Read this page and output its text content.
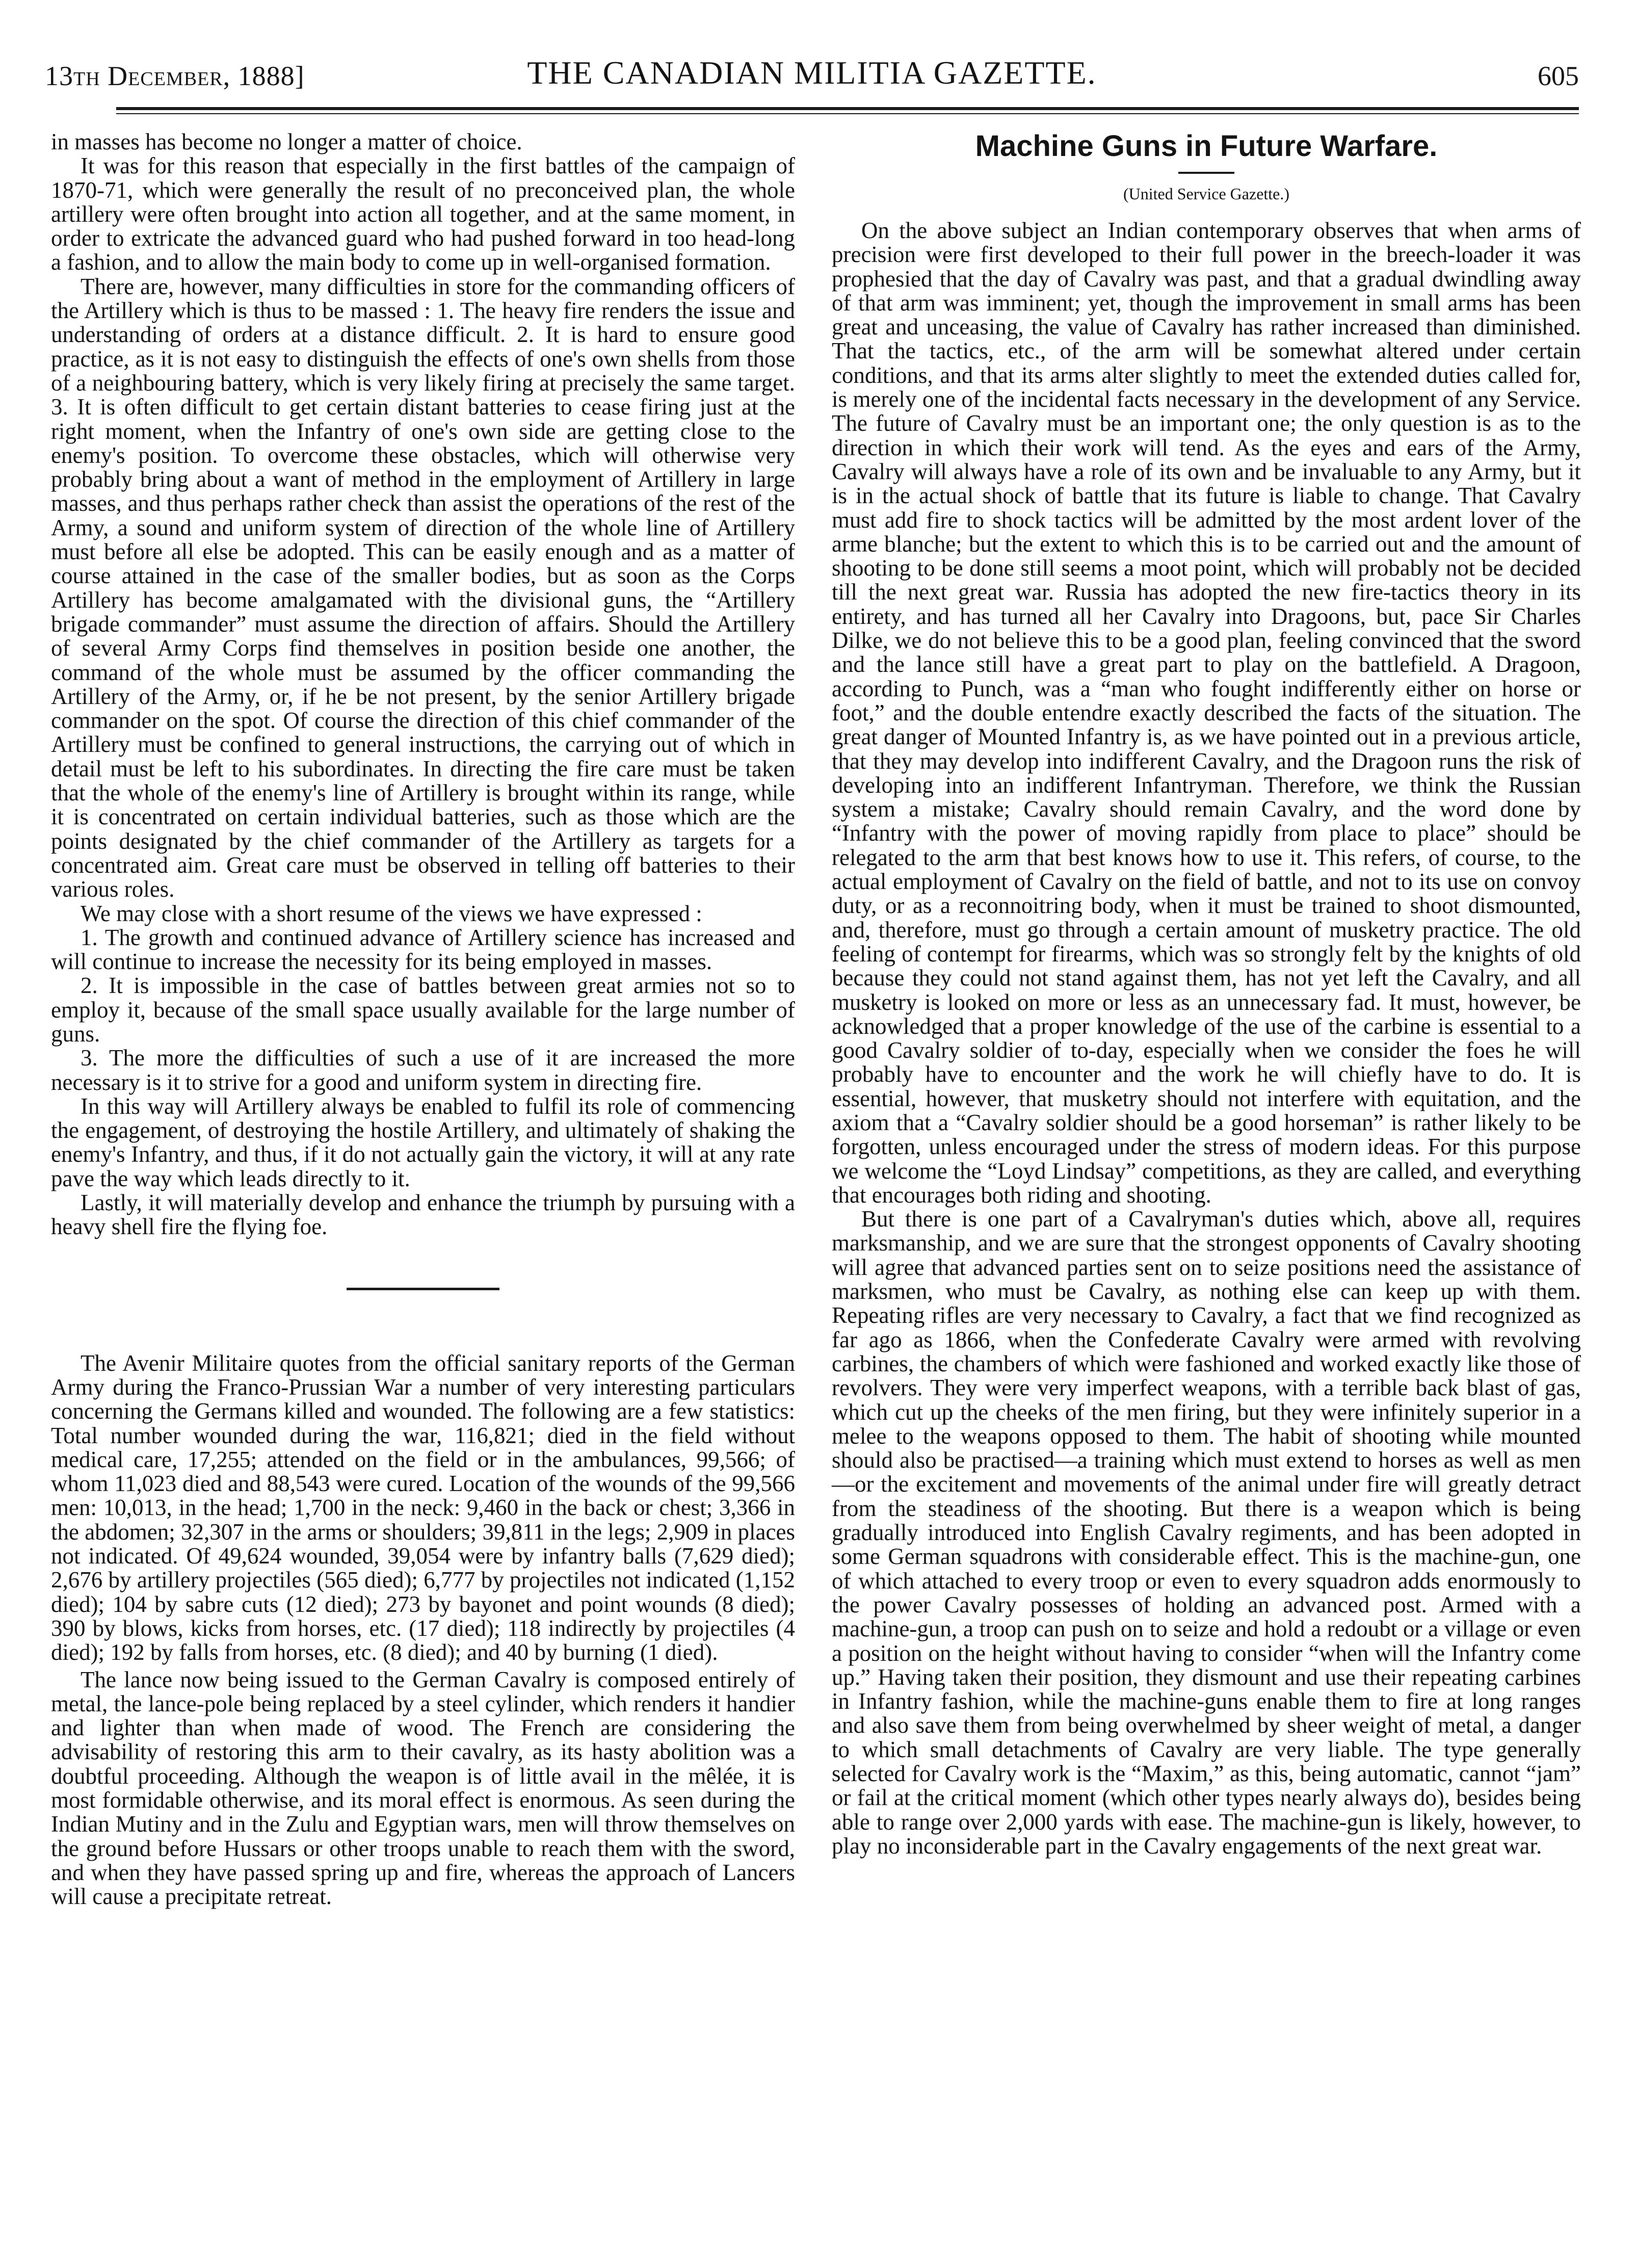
13th December, 1888]	THE CANADIAN MILITIA GAZETTE.	605

in masses has become no longer a matter of choice.

It was for this reason that especially in the first battles of the campaign of 1870-71, which were generally the result of no preconceived plan, the whole artillery were often brought into action all together, and at the same moment, in order to extricate the advanced guard who had pushed forward in too head-long a fashion, and to allow the main body to come up in well-organised formation.

There are, however, many difficulties in store for the commanding officers of the Artillery which is thus to be massed : 1. The heavy fire renders the issue and understanding of orders at a distance difficult. 2. It is hard to ensure good practice, as it is not easy to distinguish the effects of one's own shells from those of a neighbouring battery, which is very likely firing at precisely the same target. 3. It is often difficult to get certain distant batteries to cease firing just at the right moment, when the Infantry of one's own side are getting close to the enemy's position. To overcome these obstacles, which will otherwise very probably bring about a want of method in the employment of Artillery in large masses, and thus perhaps rather check than assist the operations of the rest of the Army, a sound and uniform system of direction of the whole line of Artillery must before all else be adopted. This can be easily enough and as a matter of course attained in the case of the smaller bodies, but as soon as the Corps Artillery has become amalgamated with the divisional guns, the “Artillery brigade commander” must assume the direction of affairs. Should the Artillery of several Army Corps find themselves in position beside one another, the command of the whole must be assumed by the officer commanding the Artillery of the Army, or, if he be not present, by the senior Artillery brigade commander on the spot. Of course the direction of this chief commander of the Artillery must be confined to general instructions, the carrying out of which in detail must be left to his subordinates. In directing the fire care must be taken that the whole of the enemy's line of Artillery is brought within its range, while it is concentrated on certain individual batteries, such as those which are the points designated by the chief commander of the Artillery as targets for a concentrated aim. Great care must be observed in telling off batteries to their various roles.

We may close with a short resume of the views we have expressed :

1. The growth and continued advance of Artillery science has increased and will continue to increase the necessity for its being employed in masses.

2. It is impossible in the case of battles between great armies not so to employ it, because of the small space usually available for the large number of guns.

3. The more the difficulties of such a use of it are increased the more necessary is it to strive for a good and uniform system in directing fire.

In this way will Artillery always be enabled to fulfil its role of commencing the engagement, of destroying the hostile Artillery, and ultimately of shaking the enemy's Infantry, and thus, if it do not actually gain the victory, it will at any rate pave the way which leads directly to it.

Lastly, it will materially develop and enhance the triumph by pursuing with a heavy shell fire the flying foe.

The Avenir Militaire quotes from the official sanitary reports of the German Army during the Franco-Prussian War a number of very interesting particulars concerning the Germans killed and wounded. The following are a few statistics: Total number wounded during the war, 116,821; died in the field without medical care, 17,255; attended on the field or in the ambulances, 99,566; of whom 11,023 died and 88,543 were cured. Location of the wounds of the 99,566 men: 10,013, in the head; 1,700 in the neck: 9,460 in the back or chest; 3,366 in the abdomen; 32,307 in the arms or shoulders; 39,811 in the legs; 2,909 in places not indicated. Of 49,624 wounded, 39,054 were by infantry balls (7,629 died); 2,676 by artillery projectiles (565 died); 6,777 by projectiles not indicated (1,152 died); 104 by sabre cuts (12 died); 273 by bayonet and point wounds (8 died); 390 by blows, kicks from horses, etc. (17 died); 118 indirectly by projectiles (4 died); 192 by falls from horses, etc. (8 died); and 40 by burning (1 died).

The lance now being issued to the German Cavalry is composed entirely of metal, the lance-pole being replaced by a steel cylinder, which renders it handier and lighter than when made of wood. The French are considering the advisability of restoring this arm to their cavalry, as its hasty abolition was a doubtful proceeding. Although the weapon is of little avail in the mêlée, it is most formidable otherwise, and its moral effect is enormous. As seen during the Indian Mutiny and in the Zulu and Egyptian wars, men will throw themselves on the ground before Hussars or other troops unable to reach them with the sword, and when they have passed spring up and fire, whereas the approach of Lancers will cause a precipitate retreat.

Machine Guns in Future Warfare.
(United Service Gazette.)

On the above subject an Indian contemporary observes that when arms of precision were first developed to their full power in the breech-loader it was prophesied that the day of Cavalry was past, and that a gradual dwindling away of that arm was imminent; yet, though the improvement in small arms has been great and unceasing, the value of Cavalry has rather increased than diminished. That the tactics, etc., of the arm will be somewhat altered under certain conditions, and that its arms alter slightly to meet the extended duties called for, is merely one of the incidental facts necessary in the development of any Service. The future of Cavalry must be an important one; the only question is as to the direction in which their work will tend. As the eyes and ears of the Army, Cavalry will always have a role of its own and be invaluable to any Army, but it is in the actual shock of battle that its future is liable to change. That Cavalry must add fire to shock tactics will be admitted by the most ardent lover of the arme blanche; but the extent to which this is to be carried out and the amount of shooting to be done still seems a moot point, which will probably not be decided till the next great war. Russia has adopted the new fire-tactics theory in its entirety, and has turned all her Cavalry into Dragoons, but, pace Sir Charles Dilke, we do not believe this to be a good plan, feeling convinced that the sword and the lance still have a great part to play on the battlefield. A Dragoon, according to Punch, was a “man who fought indifferently either on horse or foot,” and the double entendre exactly described the facts of the situation. The great danger of Mounted Infantry is, as we have pointed out in a previous article, that they may develop into indifferent Cavalry, and the Dragoon runs the risk of developing into an indifferent Infantryman. Therefore, we think the Russian system a mistake; Cavalry should remain Cavalry, and the word done by “Infantry with the power of moving rapidly from place to place” should be relegated to the arm that best knows how to use it. This refers, of course, to the actual employment of Cavalry on the field of battle, and not to its use on convoy duty, or as a reconnoitring body, when it must be trained to shoot dismounted, and, therefore, must go through a certain amount of musketry practice. The old feeling of contempt for firearms, which was so strongly felt by the knights of old because they could not stand against them, has not yet left the Cavalry, and all musketry is looked on more or less as an unnecessary fad. It must, however, be acknowledged that a proper knowledge of the use of the carbine is essential to a good Cavalry soldier of to-day, especially when we consider the foes he will probably have to encounter and the work he will chiefly have to do. It is essential, however, that musketry should not interfere with equitation, and the axiom that a “Cavalry soldier should be a good horseman” is rather likely to be forgotten, unless encouraged under the stress of modern ideas. For this purpose we welcome the “Loyd Lindsay” competitions, as they are called, and everything that encourages both riding and shooting.

But there is one part of a Cavalryman's duties which, above all, requires marksmanship, and we are sure that the strongest opponents of Cavalry shooting will agree that advanced parties sent on to seize positions need the assistance of marksmen, who must be Cavalry, as nothing else can keep up with them. Repeating rifles are very necessary to Cavalry, a fact that we find recognized as far ago as 1866, when the Confederate Cavalry were armed with revolving carbines, the chambers of which were fashioned and worked exactly like those of revolvers. They were very imperfect weapons, with a terrible back blast of gas, which cut up the cheeks of the men firing, but they were infinitely superior in a melee to the weapons opposed to them. The habit of shooting while mounted should also be practised—a training which must extend to horses as well as men—or the excitement and movements of the animal under fire will greatly detract from the steadiness of the shooting. But there is a weapon which is being gradually introduced into English Cavalry regiments, and has been adopted in some German squadrons with considerable effect. This is the machine-gun, one of which attached to every troop or even to every squadron adds enormously to the power Cavalry possesses of holding an advanced post. Armed with a machine-gun, a troop can push on to seize and hold a redoubt or a village or even a position on the height without having to consider “when will the Infantry come up.” Having taken their position, they dismount and use their repeating carbines in Infantry fashion, while the machine-guns enable them to fire at long ranges and also save them from being overwhelmed by sheer weight of metal, a danger to which small detachments of Cavalry are very liable. The type generally selected for Cavalry work is the “Maxim,” as this, being automatic, cannot “jam” or fail at the critical moment (which other types nearly always do), besides being able to range over 2,000 yards with ease. The machine-gun is likely, however, to play no inconsiderable part in the Cavalry engagements of the next great war.
